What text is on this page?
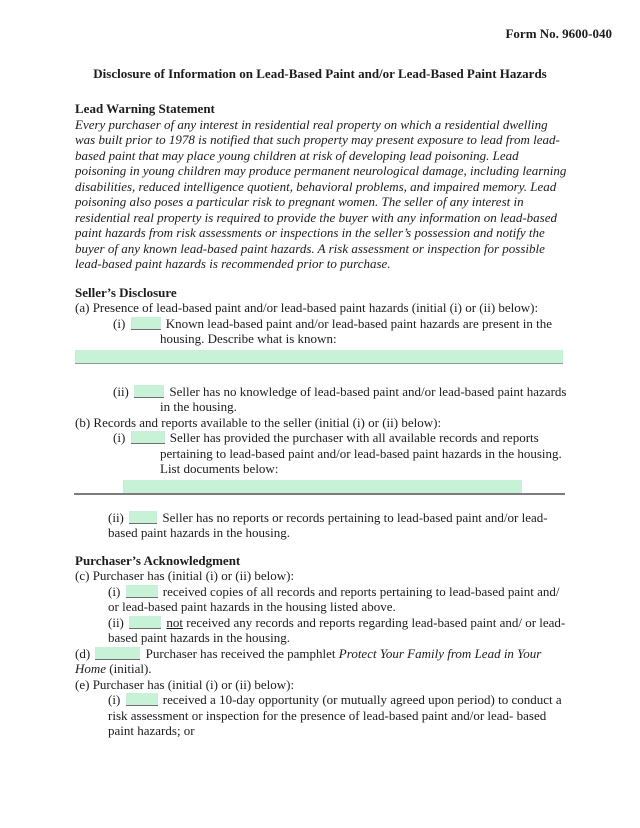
Form No. 9600-040
Disclosure of Information on Lead-Based Paint and/or Lead-Based Paint Hazards
Lead Warning Statement

Every purchaser of any interest in residential real property on which a residential dwelling was built prior to 1978 is notified that such property may present exposure to lead from lead-based paint that may place young children at risk of developing lead poisoning. Lead poisoning in young children may produce permanent neurological damage, including learning disabilities, reduced intelligence quotient, behavioral problems, and impaired memory. Lead poisoning also poses a particular risk to pregnant women. The seller of any interest in residential real property is required to provide the buyer with any information on lead-based paint hazards from risk assessments or inspections in the seller’s possession and notify the buyer of any known lead-based paint hazards. A risk assessment or inspection for possible lead-based paint hazards is recommended prior to purchase.

Seller’s Disclosure
(a) Presence of lead-based paint and/or lead-based paint hazards (initial (i) or (ii) below):
(i)	Known lead-based paint and/or lead-based paint hazards are present in the housing. Describe what is known:
(ii)	Seller has no knowledge of lead-based paint and/or lead-based paint hazards in the housing.
(b) Records and reports available to the seller (initial (i) or (ii) below):
(i)	Seller has provided the purchaser with all available records and reports pertaining to lead-based paint and/or lead-based paint hazards in the housing. List documents below:
(ii)	Seller has no reports or records pertaining to lead-based paint and/or lead-based paint hazards in the housing.
Purchaser’s Acknowledgment
(c) Purchaser has (initial (i) or (ii) below):
(i)	received copies of all records and reports pertaining to lead-based paint and/ or lead-based paint hazards in the housing listed above.
(ii)	not received any records and reports regarding lead-based paint and/ or lead-based paint hazards in the housing.
(d)	Purchaser has received the pamphlet Protect Your Family from Lead in Your Home (initial).
(e) Purchaser has (initial (i) or (ii) below):
(i)	received a 10-day opportunity (or mutually agreed upon period) to conduct a risk assessment or inspection for the presence of lead-based paint and/or lead- based paint hazards; or
